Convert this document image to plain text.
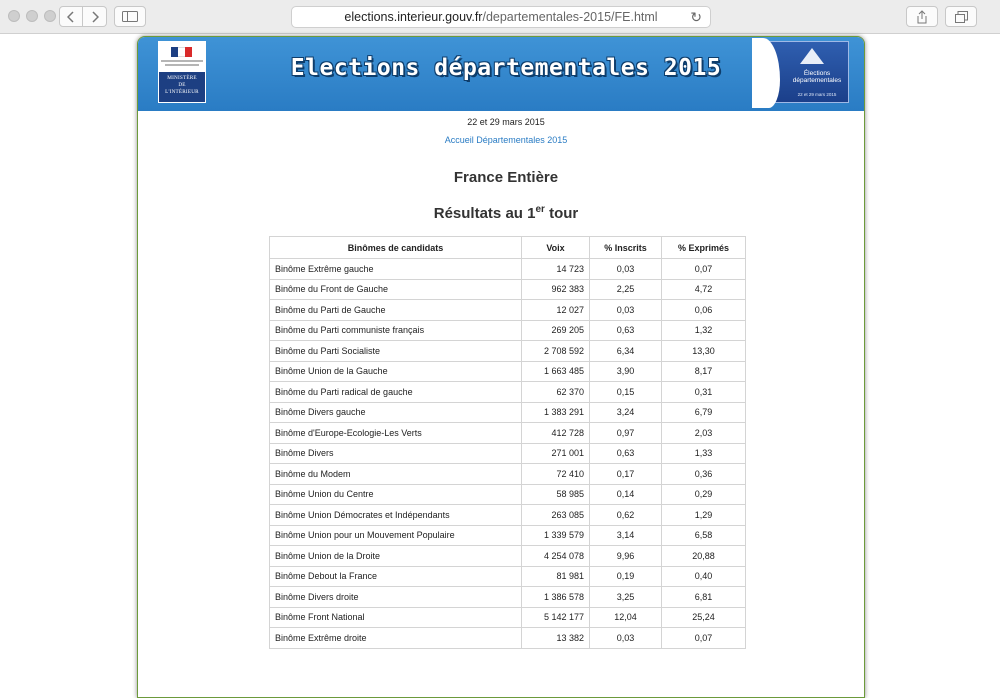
elections.interieur.gouv.fr /departementales-2015/FE.html ↻
MINISTÈRE
DE
L'INTÉRIEUR
Elections départementales 2015	Élections
départementales
22 et 29 mars 2015
22 et 29 mars 2015
Accueil Départementales 2015
France Entière
Résultats au 1er tour
Binômes de candidats	Voix	% Inscrits	% Exprimés
Binôme Extrême gauche	14 723	0,03	0,07
Binôme du Front de Gauche	962 383	2,25	4,72
Binôme du Parti de Gauche	12 027	0,03	0,06
Binôme du Parti communiste français	269 205	0,63	1,32
Binôme du Parti Socialiste	2 708 592	6,34	13,30
Binôme Union de la Gauche	1 663 485	3,90	8,17
Binôme du Parti radical de gauche	62 370	0,15	0,31
Binôme Divers gauche	1 383 291	3,24	6,79
Binôme d'Europe-Ecologie-Les Verts	412 728	0,97	2,03
Binôme Divers	271 001	0,63	1,33
Binôme du Modem	72 410	0,17	0,36
Binôme Union du Centre	58 985	0,14	0,29
Binôme Union Démocrates et Indépendants	263 085	0,62	1,29
Binôme Union pour un Mouvement Populaire	1 339 579	3,14	6,58
Binôme Union de la Droite	4 254 078	9,96	20,88
Binôme Debout la France	81 981	0,19	0,40
Binôme Divers droite	1 386 578	3,25	6,81
Binôme Front National	5 142 177	12,04	25,24
Binôme Extrême droite	13 382	0,03	0,07
